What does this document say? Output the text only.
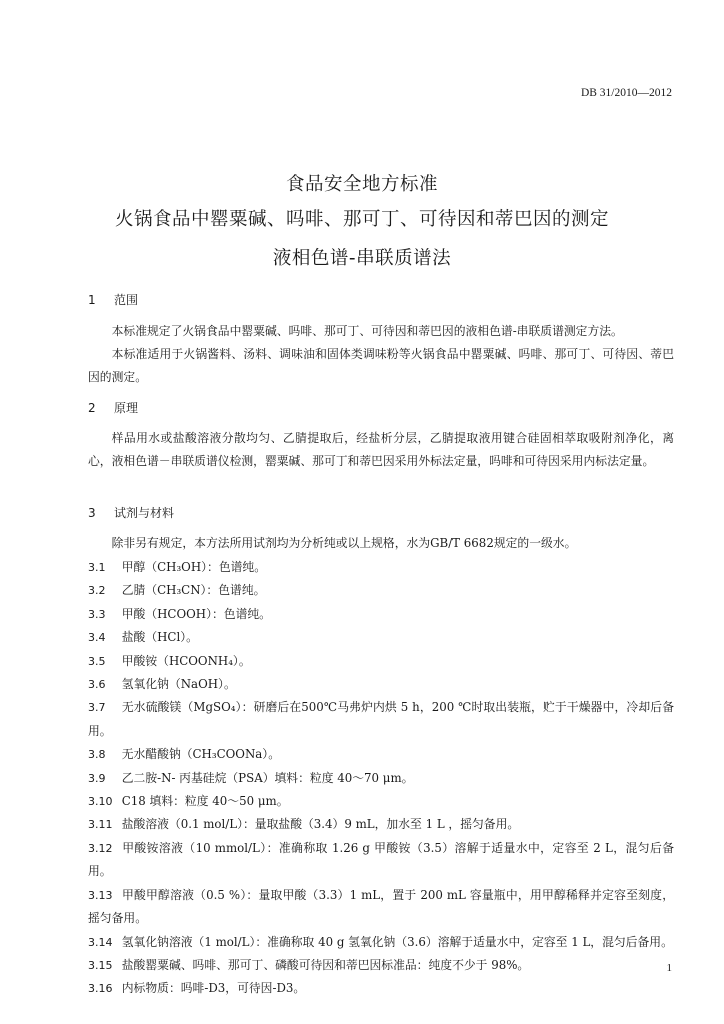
DB 31/2010—2012
食品安全地方标准
火锅食品中罂粟碱、吗啡、那可丁、可待因和蒂巴因的测定
液相色谱-串联质谱法
1 范围

本标准规定了火锅食品中罂粟碱、吗啡、那可丁、可待因和蒂巴因的液相色谱-串联质谱测定方法。

本标准适用于火锅酱料、汤料、调味油和固体类调味粉等火锅食品中罂粟碱、吗啡、那可丁、可待因、蒂巴因的测定。

2 原理

样品用水或盐酸溶液分散均匀、乙腈提取后，经盐析分层，乙腈提取液用键合硅固相萃取吸附剂净化，离心，液相色谱－串联质谱仪检测，罂粟碱、那可丁和蒂巴因采用外标法定量，吗啡和可待因采用内标法定量。

3 试剂与材料

除非另有规定，本方法所用试剂均为分析纯或以上规格，水为GB/T 6682规定的一级水。

3.1 甲醇（CH₃OH）：色谱纯。
3.2 乙腈（CH₃CN）：色谱纯。
3.3 甲酸（HCOOH）：色谱纯。
3.4 盐酸（HCl）。
3.5 甲酸铵（HCOONH₄）。
3.6 氢氧化钠（NaOH）。
3.7 无水硫酸镁（MgSO₄）：研磨后在500℃马弗炉内烘 5 h，200 ℃时取出装瓶，贮于干燥器中，冷却后备用。
3.8 无水醋酸钠（CH₃COONa）。
3.9 乙二胺-N- 丙基硅烷（PSA）填料：粒度 40～70 μm。
3.10 C18 填料：粒度 40～50 μm。
3.11 盐酸溶液（0.1 mol/L）：量取盐酸（3.4）9 mL，加水至 1 L ，摇匀备用。
3.12 甲酸铵溶液（10 mmol/L）：准确称取 1.26 g 甲酸铵（3.5）溶解于适量水中，定容至 2 L，混匀后备用。
3.13 甲酸甲醇溶液（0.5 %）：量取甲酸（3.3）1 mL，置于 200 mL 容量瓶中，用甲醇稀释并定容至刻度，摇匀备用。
3.14 氢氧化钠溶液（1 mol/L）：准确称取 40 g 氢氧化钠（3.6）溶解于适量水中，定容至 1 L，混匀后备用。
3.15 盐酸罂粟碱、吗啡、那可丁、磷酸可待因和蒂巴因标准品：纯度不少于 98%。
3.16 内标物质：吗啡-D3，可待因-D3。
1
